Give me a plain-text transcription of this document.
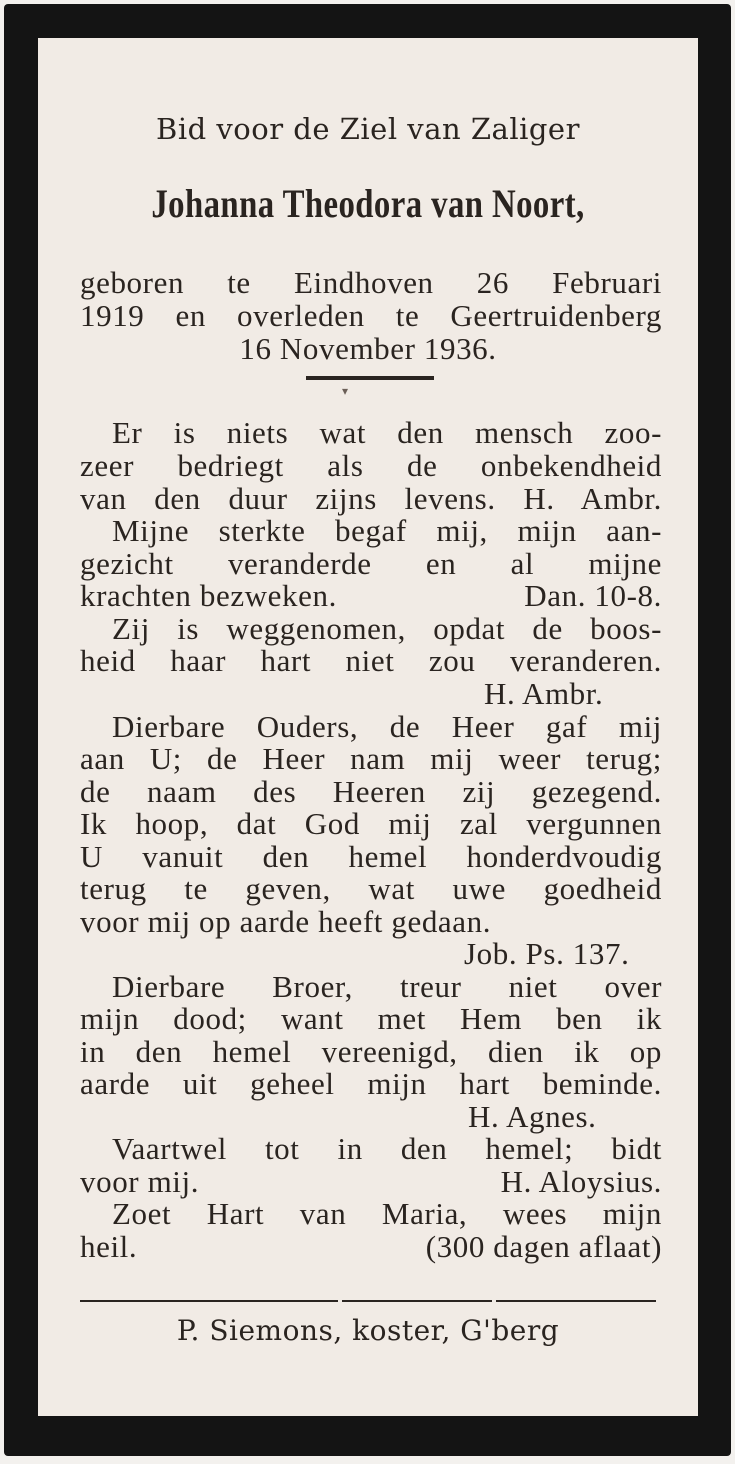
Bid voor de Ziel van Zaliger

Johanna Theodora van Noort,

geboren te Eindhoven 26 Februari

1919 en overleden te Geertruidenberg

16 November 1936.

▾

Er is niets wat den mensch zoo-

zeer bedriegt als de onbekendheid

van den duur zijns levens. H. Ambr.

Mijne sterkte begaf mij, mijn aan-

gezicht veranderde en al mijne

krachten bezweken.	Dan. 10-8.

Zij is weggenomen, opdat de boos-

heid haar hart niet zou veranderen.

H. Ambr.

Dierbare Ouders, de Heer gaf mij

aan U; de Heer nam mij weer terug;

de naam des Heeren zij gezegend.

Ik hoop, dat God mij zal vergunnen

U vanuit den hemel honderdvoudig

terug te geven, wat uwe goedheid

voor mij op aarde heeft gedaan.

Job. Ps. 137.

Dierbare Broer, treur niet over

mijn dood; want met Hem ben ik

in den hemel vereenigd, dien ik op

aarde uit geheel mijn hart beminde.

H. Agnes.

Vaartwel tot in den hemel; bidt

voor mij.	H. Aloysius.

Zoet Hart van Maria, wees mijn

heil.	(300 dagen aflaat)

P. Siemons, koster, G'berg
